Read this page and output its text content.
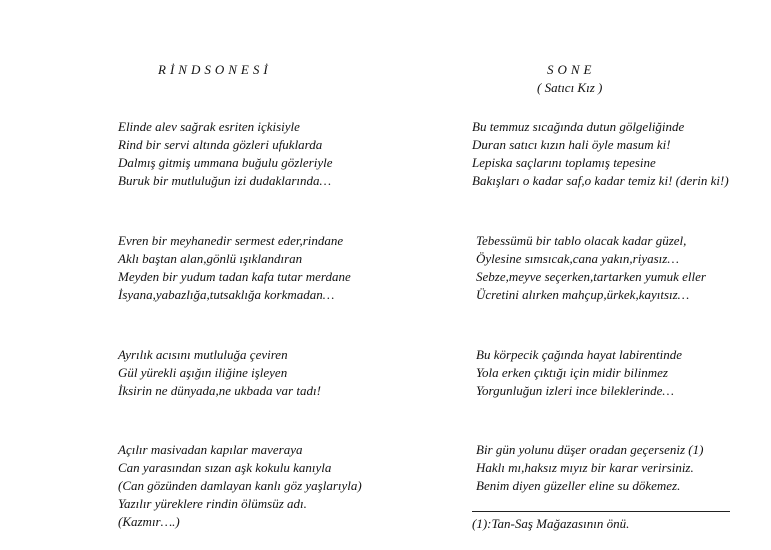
RİNDSONESİ	SONE
( Satıcı Kız )
Elinde alev sağrak esriten içkisiyle
Rind bir servi altında gözleri ufuklarda
Dalmış gitmiş ummana buğulu gözleriyle
Buruk bir mutluluğun izi dudaklarında…
Evren bir meyhanedir sermest eder,rindane
Aklı baştan alan,gönlü ışıklandıran
Meyden bir yudum tadan kafa tutar merdane
İsyana,yabazlığa,tutsaklığa korkmadan…
Ayrılık acısını mutluluğa çeviren
Gül yürekli aşığın iliğine işleyen
İksirin ne dünyada,ne ukbada var tadı!
Açılır masivadan kapılar maveraya
Can yarasından sızan aşk kokulu kanıyla
(Can gözünden damlayan kanlı göz yaşlarıyla)
Yazılır yüreklere rindin ölümsüz adı.
(Kazmır….)
Bu temmuz sıcağında dutun gölgeliğinde
Duran satıcı kızın hali öyle masum ki!
Lepiska saçlarını toplamış tepesine
Bakışları o kadar saf,o kadar temiz ki! (derin ki!)
Tebessümü bir tablo olacak kadar güzel,
Öylesine sımsıcak,cana yakın,riyasız…
Sebze,meyve seçerken,tartarken yumuk eller
Ücretini alırken mahçup,ürkek,kayıtsız…
Bu körpecik çağında hayat labirentinde
Yola erken çıktığı için midir bilinmez
Yorgunluğun izleri ince bileklerinde…
Bir gün yolunu düşer oradan geçerseniz (1)
Haklı mı,haksız mıyız bir karar verirsiniz.
Benim diyen güzeller eline su dökemez.
(1):Tan-Saş Mağazasının önü.
